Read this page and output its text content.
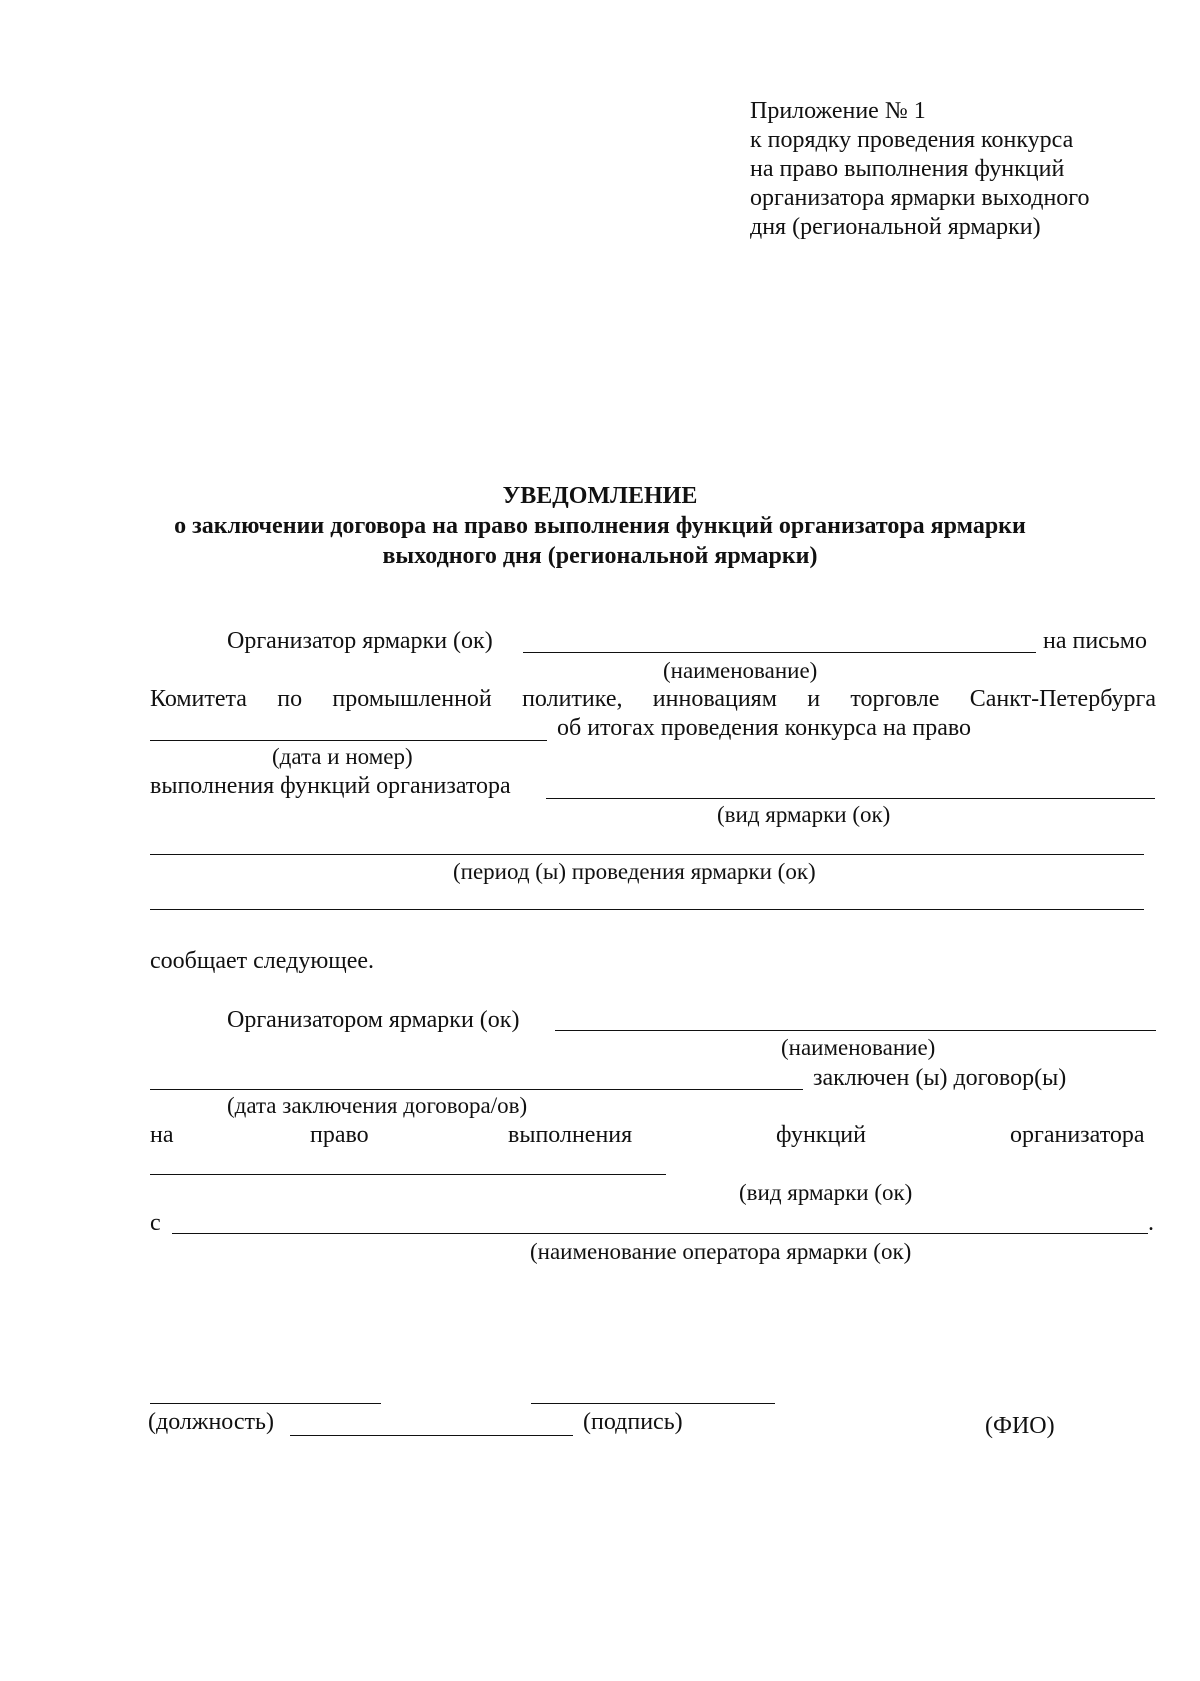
Приложение № 1
к порядку проведения конкурса
на право выполнения функций
организатора ярмарки выходного
дня (региональной ярмарки)
УВЕДОМЛЕНИЕ
о заключении договора на право выполнения функций организатора ярмарки
выходного дня (региональной ярмарки)
Организатор ярмарки (ок)	на письмо
(наименование)
Комитета по промышленной политике, инновациям и торговле Санкт-Петербурга
об итогах проведения конкурса на право
(дата и номер)
выполнения функций организатора
(вид ярмарки (ок)
(период (ы) проведения ярмарки (ок)
сообщает следующее.
Организатором ярмарки (ок)
(наименование)
заключен (ы) договор(ы)
(дата заключения договора/ов)
на	право	выполнения	функций	организатора
(вид ярмарки (ок)
с	.
(наименование оператора ярмарки (ок)
(должность)	(подпись)	(ФИО)
